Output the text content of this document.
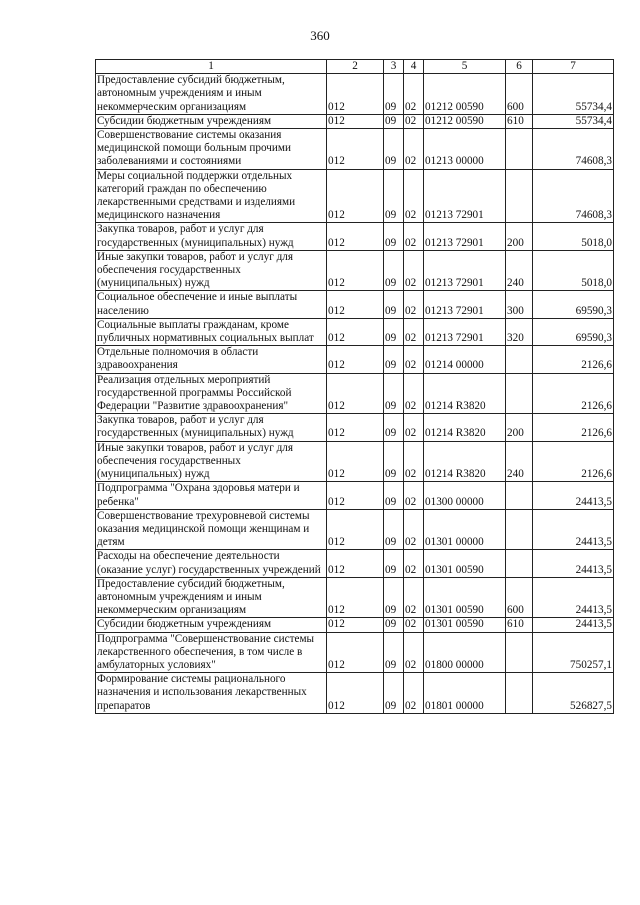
360
1	2	3	4	5	6	7
Предоставление субсидий бюджетным, автономным учреждениям и иным некоммерческим организациям	012	09	02	01212 00590	600	55734,4
Субсидии бюджетным учреждениям	012	09	02	01212 00590	610	55734,4
Совершенствование системы оказания медицинской помощи больным прочими заболеваниями и состояниями	012	09	02	01213 00000		74608,3
Меры социальной поддержки отдельных категорий граждан по обеспечению лекарственными средствами и изделиями медицинского назначения	012	09	02	01213 72901		74608,3
Закупка товаров, работ и услуг для государственных (муниципальных) нужд	012	09	02	01213 72901	200	5018,0
Иные закупки товаров, работ и услуг для обеспечения государственных (муниципальных) нужд	012	09	02	01213 72901	240	5018,0
Социальное обеспечение и иные выплаты населению	012	09	02	01213 72901	300	69590,3
Социальные выплаты гражданам, кроме публичных нормативных социальных выплат	012	09	02	01213 72901	320	69590,3
Отдельные полномочия в области здравоохранения	012	09	02	01214 00000		2126,6
Реализация отдельных мероприятий государственной программы Российской Федерации "Развитие здравоохранения"	012	09	02	01214 R3820		2126,6
Закупка товаров, работ и услуг для государственных (муниципальных) нужд	012	09	02	01214 R3820	200	2126,6
Иные закупки товаров, работ и услуг для обеспечения государственных (муниципальных) нужд	012	09	02	01214 R3820	240	2126,6
Подпрограмма "Охрана здоровья матери и ребенка"	012	09	02	01300 00000		24413,5
Совершенствование трехуровневой системы оказания медицинской помощи женщинам и детям	012	09	02	01301 00000		24413,5
Расходы на обеспечение деятельности (оказание услуг) государственных учреждений	012	09	02	01301 00590		24413,5
Предоставление субсидий бюджетным, автономным учреждениям и иным некоммерческим организациям	012	09	02	01301 00590	600	24413,5
Субсидии бюджетным учреждениям	012	09	02	01301 00590	610	24413,5
Подпрограмма "Совершенствование системы лекарственного обеспечения, в том числе в амбулаторных условиях"	012	09	02	01800 00000		750257,1
Формирование системы рационального назначения и использования лекарственных препаратов	012	09	02	01801 00000		526827,5
